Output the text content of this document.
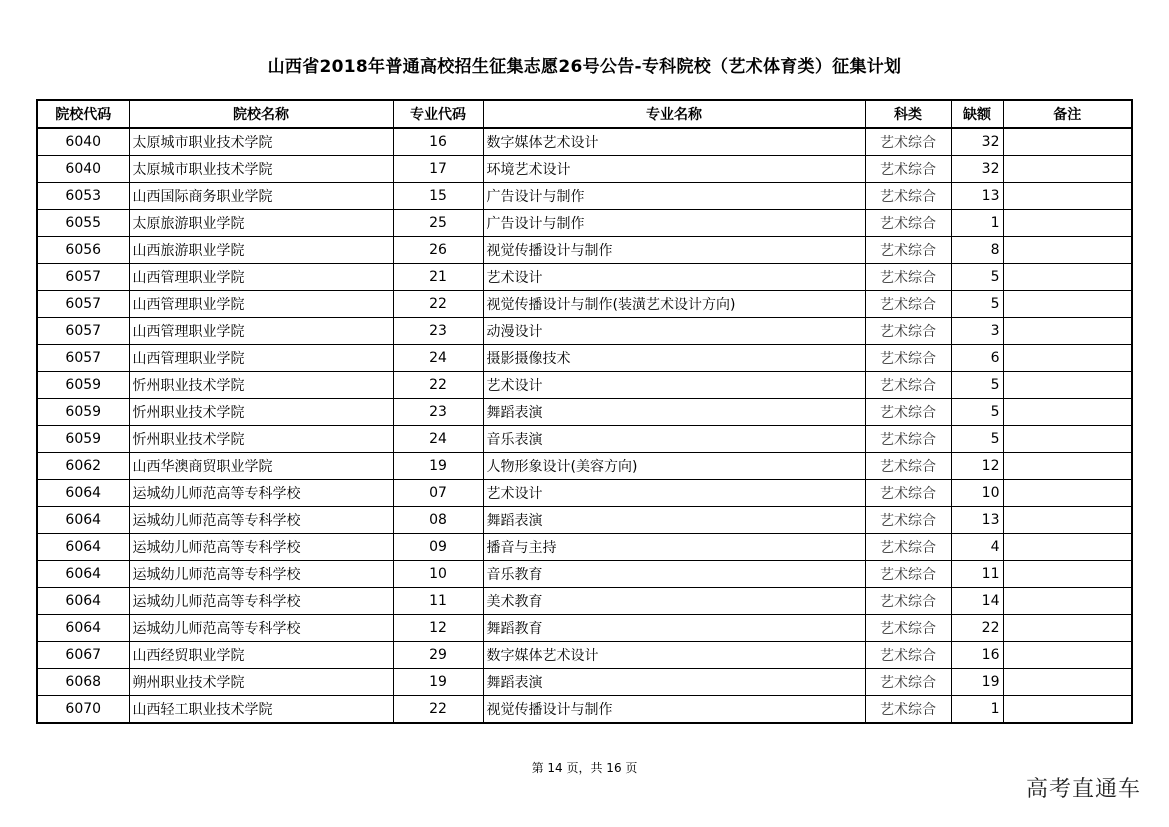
山西省2018年普通高校招生征集志愿26号公告-专科院校（艺术体育类）征集计划
院校代码	院校名称	专业代码	专业名称	科类	缺额	备注
6040	太原城市职业技术学院	16	数字媒体艺术设计	艺术综合	32	
6040	太原城市职业技术学院	17	环境艺术设计	艺术综合	32	
6053	山西国际商务职业学院	15	广告设计与制作	艺术综合	13	
6055	太原旅游职业学院	25	广告设计与制作	艺术综合	1	
6056	山西旅游职业学院	26	视觉传播设计与制作	艺术综合	8	
6057	山西管理职业学院	21	艺术设计	艺术综合	5	
6057	山西管理职业学院	22	视觉传播设计与制作(装潢艺术设计方向)	艺术综合	5	
6057	山西管理职业学院	23	动漫设计	艺术综合	3	
6057	山西管理职业学院	24	摄影摄像技术	艺术综合	6	
6059	忻州职业技术学院	22	艺术设计	艺术综合	5	
6059	忻州职业技术学院	23	舞蹈表演	艺术综合	5	
6059	忻州职业技术学院	24	音乐表演	艺术综合	5	
6062	山西华澳商贸职业学院	19	人物形象设计(美容方向)	艺术综合	12	
6064	运城幼儿师范高等专科学校	07	艺术设计	艺术综合	10	
6064	运城幼儿师范高等专科学校	08	舞蹈表演	艺术综合	13	
6064	运城幼儿师范高等专科学校	09	播音与主持	艺术综合	4	
6064	运城幼儿师范高等专科学校	10	音乐教育	艺术综合	11	
6064	运城幼儿师范高等专科学校	11	美术教育	艺术综合	14	
6064	运城幼儿师范高等专科学校	12	舞蹈教育	艺术综合	22	
6067	山西经贸职业学院	29	数字媒体艺术设计	艺术综合	16	
6068	朔州职业技术学院	19	舞蹈表演	艺术综合	19	
6070	山西轻工职业技术学院	22	视觉传播设计与制作	艺术综合	1	
第 14 页，共 16 页
高考直通车
